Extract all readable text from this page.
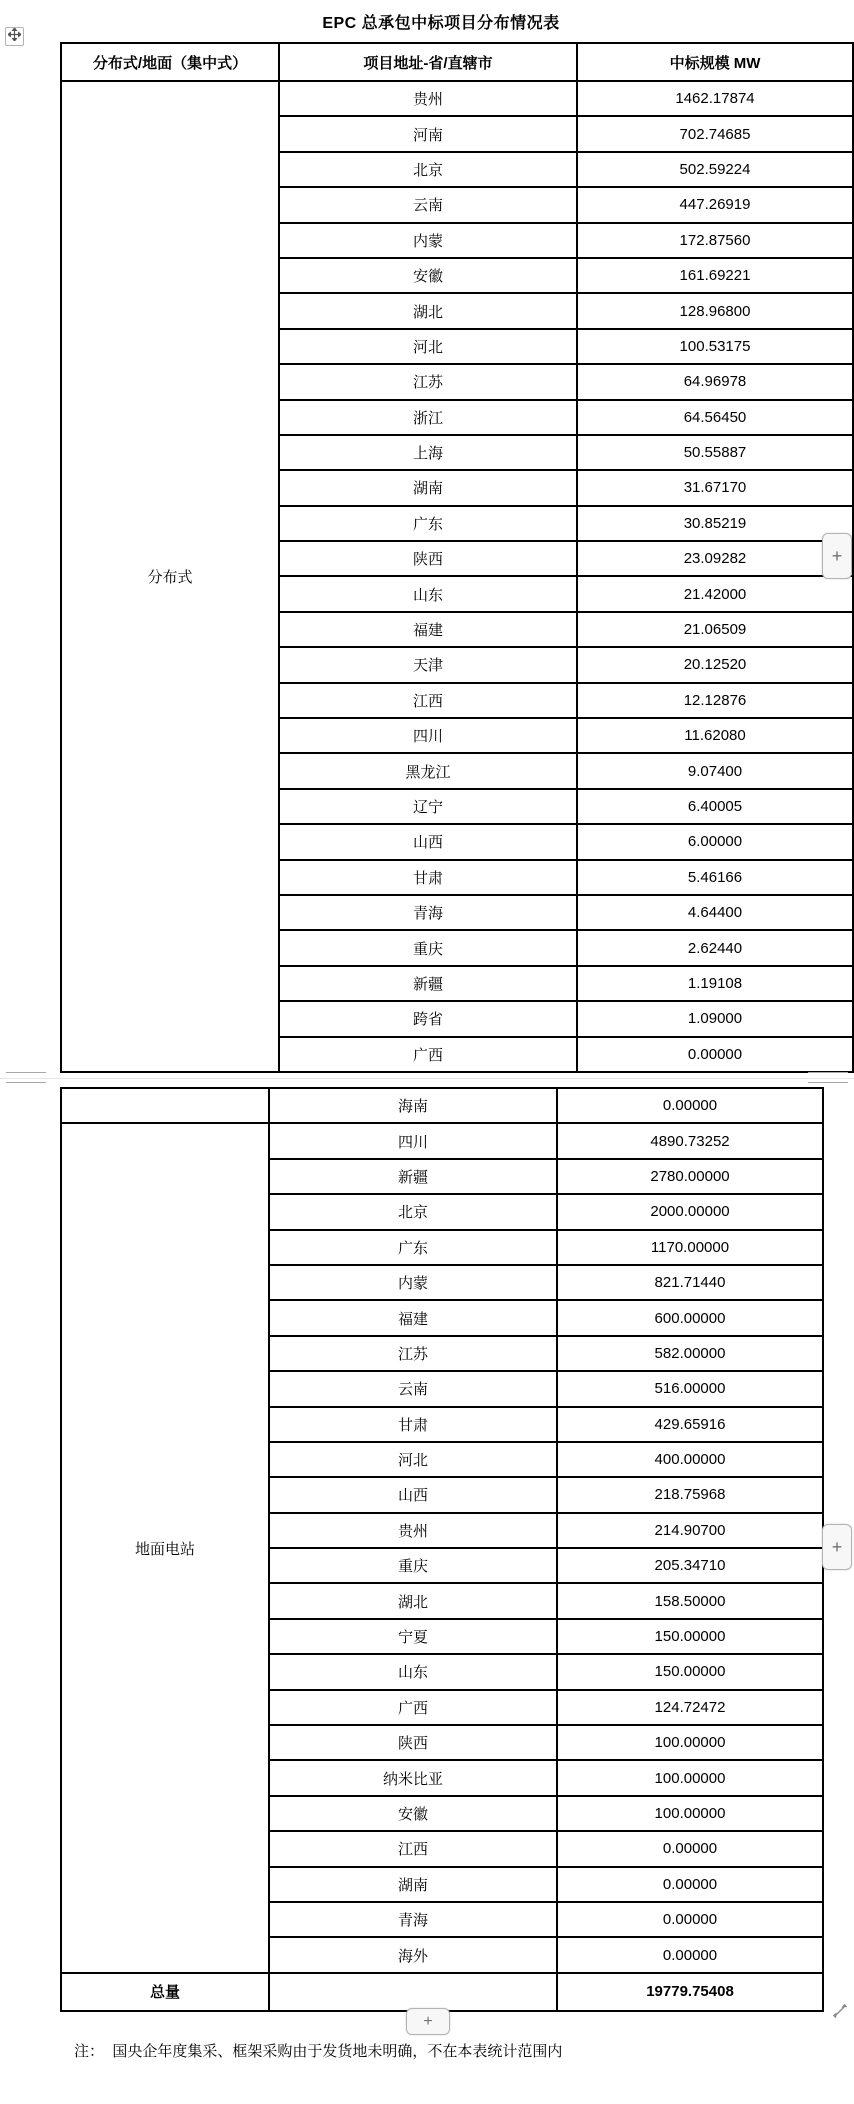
EPC 总承包中标项目分布情况表
分布式/地面（集中式）	项目地址-省/直辖市	中标规模 MW
分布式	贵州	1462.17874
	河南	702.74685
	北京	502.59224
	云南	447.26919
	内蒙	172.87560
	安徽	161.69221
	湖北	128.96800
	河北	100.53175
	江苏	64.96978
	浙江	64.56450
	上海	50.55887
	湖南	31.67170
	广东	30.85219
	陕西	23.09282
	山东	21.42000
	福建	21.06509
	天津	20.12520
	江西	12.12876
	四川	11.62080
	黑龙江	9.07400
	辽宁	6.40005
	山西	6.00000
	甘肃	5.46166
	青海	4.64400
	重庆	2.62440
	新疆	1.19108
	跨省	1.09000
	广西	0.00000
	海南	0.00000
地面电站	四川	4890.73252
	新疆	2780.00000
	北京	2000.00000
	广东	1170.00000
	内蒙	821.71440
	福建	600.00000
	江苏	582.00000
	云南	516.00000
	甘肃	429.65916
	河北	400.00000
	山西	218.75968
	贵州	214.90700
	重庆	205.34710
	湖北	158.50000
	宁夏	150.00000
	山东	150.00000
	广西	124.72472
	陕西	100.00000
	纳米比亚	100.00000
	安徽	100.00000
	江西	0.00000
	湖南	0.00000
	青海	0.00000
	海外	0.00000
总量		19779.75408
+
+
+
注：  国央企年度集采、框架采购由于发货地未明确，不在本表统计范围内
